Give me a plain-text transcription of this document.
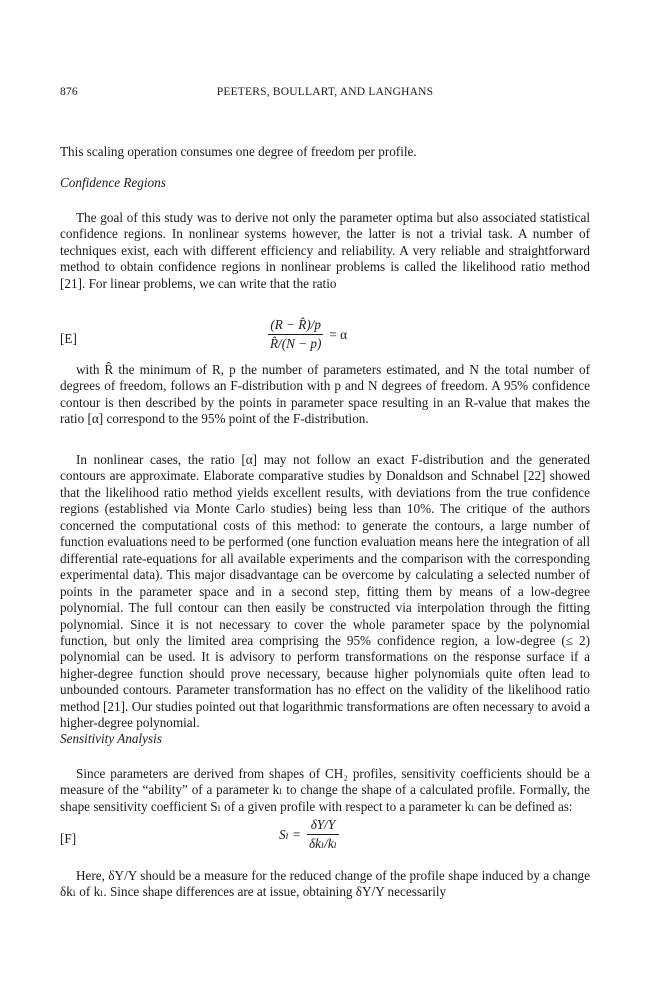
876	PEETERS, BOULLART, AND LANGHANS

This scaling operation consumes one degree of freedom per profile.

Confidence Regions

The goal of this study was to derive not only the parameter optima but also associated statistical confidence regions. In nonlinear systems however, the latter is not a trivial task. A number of techniques exist, each with different efficiency and reliability. A very reliable and straightforward method to obtain confidence regions in nonlinear problems is called the likelihood ratio method [21]. For linear problems, we can write that the ratio

[E]	$\frac{(R - R̂)/p}{R̂/(N - p)} = \alpha$

with R̂ the minimum of R, p the number of parameters estimated, and N the total number of degrees of freedom, follows an F-distribution with p and N degrees of freedom. A 95% confidence contour is then described by the points in parameter space resulting in an R-value that makes the ratio [α] correspond to the 95% point of the F-distribution.

In nonlinear cases, the ratio [α] may not follow an exact F-distribution and the generated contours are approximate. Elaborate comparative studies by Donaldson and Schnabel [22] showed that the likelihood ratio method yields excellent results, with deviations from the true confidence regions (established via Monte Carlo studies) being less than 10%. The critique of the authors concerned the computational costs of this method: to generate the contours, a large number of function evaluations need to be performed (one function evaluation means here the integration of all differential rate-equations for all available experiments and the comparison with the corresponding experimental data). This major disadvantage can be overcome by calculating a selected number of points in the parameter space and in a second step, fitting them by means of a low-degree polynomial. The full contour can then easily be constructed via interpolation through the fitting polynomial. Since it is not necessary to cover the whole parameter space by the polynomial function, but only the limited area comprising the 95% confidence region, a low-degree (≤ 2) polynomial can be used. It is advisory to perform transformations on the response surface if a higher-degree function should prove necessary, because higher polynomials quite often lead to unbounded contours. Parameter transformation has no effect on the validity of the likelihood ratio method [21]. Our studies pointed out that logarithmic transformations are often necessary to avoid a higher-degree polynomial.

Sensitivity Analysis

Since parameters are derived from shapes of CH₂ profiles, sensitivity coefficients should be a measure of the “ability” of a parameter kₗ to change the shape of a calculated profile. Formally, the shape sensitivity coefficient Sₗ of a given profile with respect to a parameter kₗ can be defined as:

[F]	$S_l = \frac{\delta Y/Y}{\text{δkₗ/kₗ}}$

Here, δY/Y should be a measure for the reduced change of the profile shape induced by a change δkₗ of kₗ. Since shape differences are at issue, obtaining δY/Y necessarily
